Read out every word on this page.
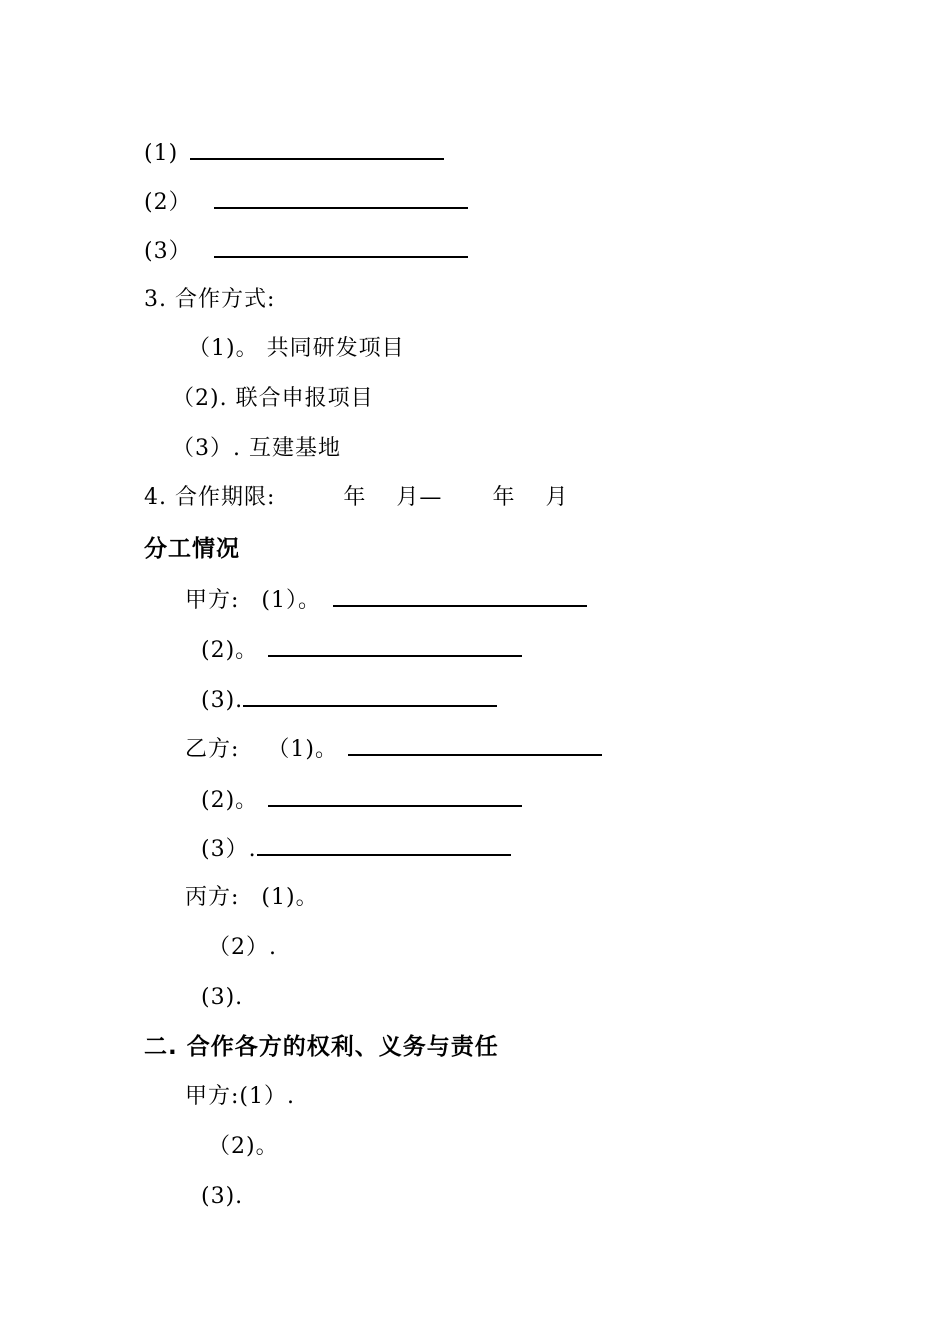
(1)
(2）
(3）
3. 合作方式:
（1)。 共同研发项目
（2). 联合申报项目
（3）. 互建基地
4. 合作期限:	年 月— 年 月
分工情况
甲方: (1）。
(2)。
(3).
乙方: （1)。
(2)。
(3）.
丙方: (1)。
（2）.
(3).
二. 合作各方的权利、义务与责任
甲方:(1）.
（2)。
(3).
